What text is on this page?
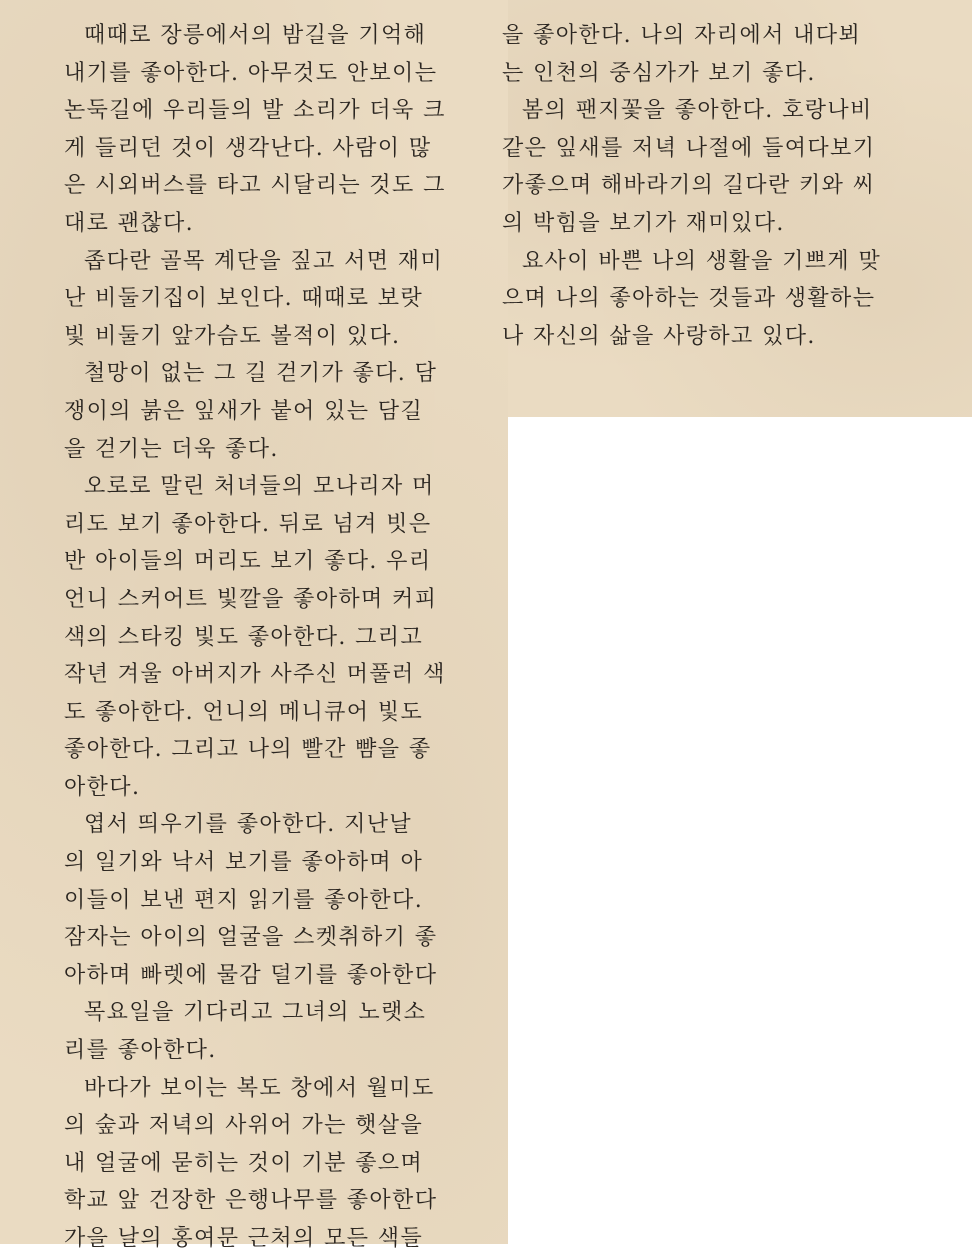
때때로 장릉에서의 밤길을 기억해
내기를 좋아한다. 아무것도 안보이는
논둑길에 우리들의 발 소리가 더욱 크
게 들리던 것이 생각난다. 사람이 많
은 시외버스를 타고 시달리는 것도 그
대로 괜찮다.
좁다란 골목 계단을 짚고 서면 재미
난 비둘기집이 보인다. 때때로 보랏
빛 비둘기 앞가슴도 볼적이 있다.
철망이 없는 그 길 걷기가 좋다. 담
쟁이의 붉은 잎새가 붙어 있는 담길
을 걷기는 더욱 좋다.
오로로 말린 처녀들의 모나리자 머
리도 보기 좋아한다. 뒤로 넘겨 빗은
반 아이들의 머리도 보기 좋다. 우리
언니 스커어트 빛깔을 좋아하며 커피
색의 스타킹 빛도 좋아한다. 그리고
작년 겨울 아버지가 사주신 머풀러 색
도 좋아한다. 언니의 메니큐어 빛도
좋아한다. 그리고 나의 빨간 뺨을 좋
아한다.
엽서 띄우기를 좋아한다. 지난날
의 일기와 낙서 보기를 좋아하며 아
이들이 보낸 편지 읽기를 좋아한다.
잠자는 아이의 얼굴을 스켓취하기 좋
아하며 빠렛에 물감 덜기를 좋아한다
목요일을 기다리고 그녀의 노랫소
리를 좋아한다.
바다가 보이는 복도 창에서 월미도
의 숲과 저녁의 사위어 가는 햇살을
내 얼굴에 묻히는 것이 기분 좋으며
학교 앞 건장한 은행나무를 좋아한다
가을 날의 홍여문 근처의 모든 색들
을 좋아한다. 나의 자리에서 내다뵈
는 인천의 중심가가 보기 좋다.
봄의 팬지꽃을 좋아한다. 호랑나비
같은 잎새를 저녁 나절에 들여다보기
가좋으며 해바라기의 길다란 키와 씨
의 박힘을 보기가 재미있다.
요사이 바쁜 나의 생활을 기쁘게 맞
으며 나의 좋아하는 것들과 생활하는
나 자신의 삶을 사랑하고 있다.
